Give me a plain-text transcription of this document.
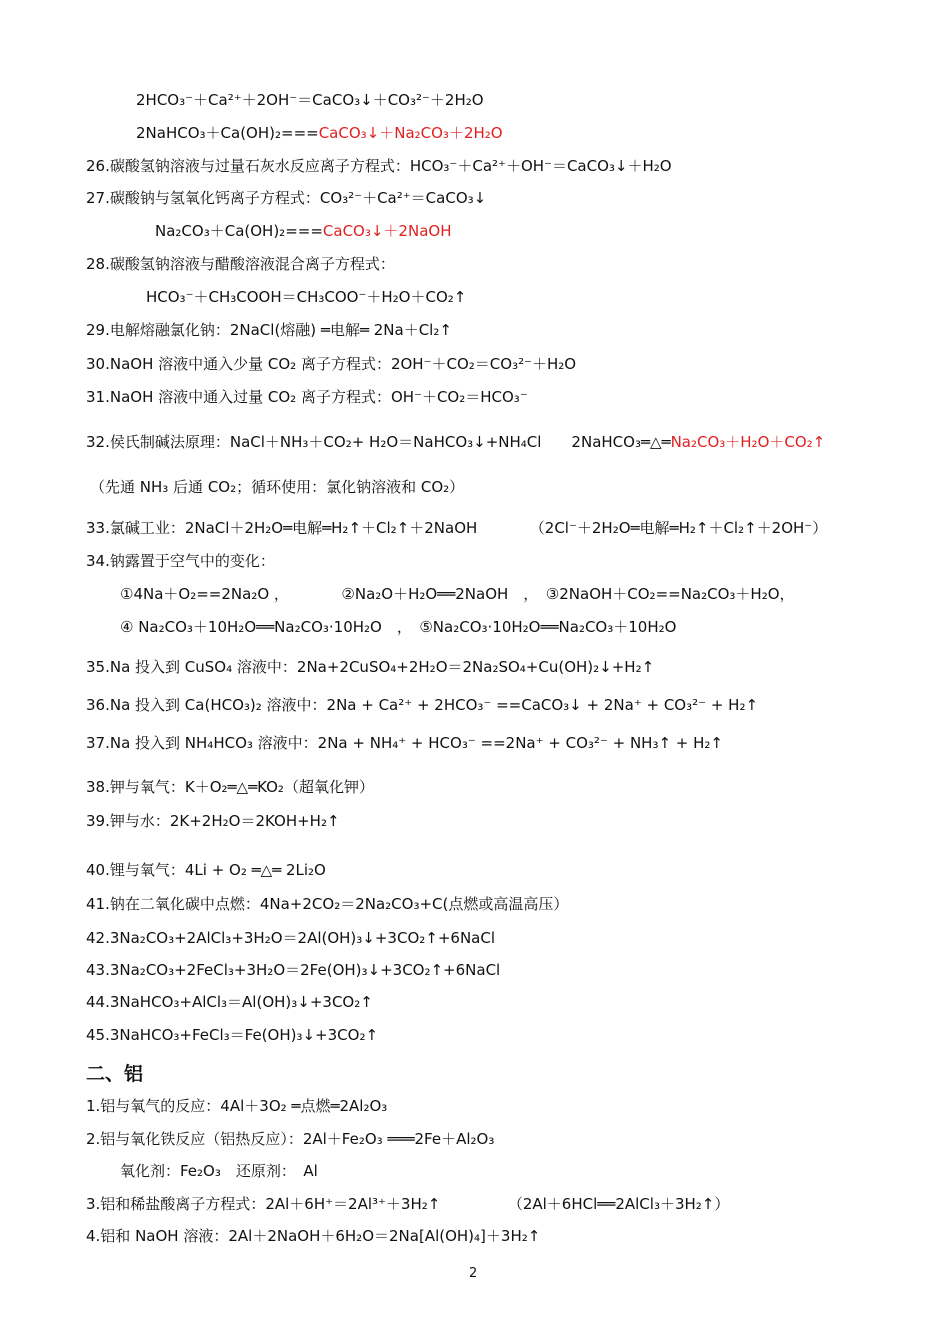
2HCO₃⁻＋Ca²⁺＋2OH⁻＝CaCO₃↓＋CO₃²⁻＋2H₂O
2NaHCO₃＋Ca(OH)₂===CaCO₃↓＋Na₂CO₃＋2H₂O
26.碳酸氢钠溶液与过量石灰水反应离子方程式：HCO₃⁻＋Ca²⁺＋OH⁻＝CaCO₃↓＋H₂O
27.碳酸钠与氢氧化钙离子方程式：CO₃²⁻＋Ca²⁺＝CaCO₃↓
Na₂CO₃＋Ca(OH)₂===CaCO₃↓＋2NaOH
28.碳酸氢钠溶液与醋酸溶液混合离子方程式：
HCO₃⁻＋CH₃COOH＝CH₃COO⁻＋H₂O＋CO₂↑
29.电解熔融氯化钠：2NaCl(熔融) ═电解═ 2Na＋Cl₂↑
30.NaOH 溶液中通入少量 CO₂ 离子方程式：2OH⁻＋CO₂＝CO₃²⁻＋H₂O
31.NaOH 溶液中通入过量 CO₂ 离子方程式：OH⁻＋CO₂＝HCO₃⁻
32.侯氏制碱法原理：NaCl＋NH₃＋CO₂+ H₂O＝NaHCO₃↓+NH₄Cl　　2NaHCO₃═△═Na₂CO₃＋H₂O＋CO₂↑
（先通 NH₃ 后通 CO₂；循环使用：氯化钠溶液和 CO₂）
33.氯碱工业：2NaCl＋2H₂O═电解═H₂↑＋Cl₂↑＋2NaOH　　　　（2Cl⁻＋2H₂O═电解═H₂↑＋Cl₂↑＋2OH⁻）
34.钠露置于空气中的变化：
①4Na＋O₂==2Na₂O ，　　　　②Na₂O＋H₂O══2NaOH　，　③2NaOH＋CO₂==Na₂CO₃＋H₂O，
④ Na₂CO₃＋10H₂O══Na₂CO₃·10H₂O　，　⑤Na₂CO₃·10H₂O══Na₂CO₃＋10H₂O
35.Na 投入到 CuSO₄ 溶液中：2Na+2CuSO₄+2H₂O＝2Na₂SO₄+Cu(OH)₂↓+H₂↑
36.Na 投入到 Ca(HCO₃)₂ 溶液中：2Na + Ca²⁺ + 2HCO₃⁻ ==CaCO₃↓ + 2Na⁺ + CO₃²⁻ + H₂↑
37.Na 投入到 NH₄HCO₃ 溶液中：2Na + NH₄⁺ + HCO₃⁻ ==2Na⁺ + CO₃²⁻ + NH₃↑ + H₂↑
38.钾与氧气：K＋O₂═△═KO₂（超氧化钾）
39.钾与水：2K+2H₂O＝2KOH+H₂↑
40.锂与氧气：4Li + O₂ ═△═ 2Li₂O
41.钠在二氧化碳中点燃：4Na+2CO₂＝2Na₂CO₃+C(点燃或高温高压）
42.3Na₂CO₃+2AlCl₃+3H₂O＝2Al(OH)₃↓+3CO₂↑+6NaCl
43.3Na₂CO₃+2FeCl₃+3H₂O＝2Fe(OH)₃↓+3CO₂↑+6NaCl
44.3NaHCO₃+AlCl₃＝Al(OH)₃↓+3CO₂↑
45.3NaHCO₃+FeCl₃＝Fe(OH)₃↓+3CO₂↑
二、铝
1.铝与氧气的反应：4Al＋3O₂ ═点燃═2Al₂O₃
2.铝与氧化铁反应（铝热反应）：2Al＋Fe₂O₃ ═══2Fe＋Al₂O₃
氧化剂：Fe₂O₃　还原剂：　Al
3.铝和稀盐酸离子方程式：2Al＋6H⁺＝2Al³⁺＋3H₂↑　　　　　（2Al＋6HCl══2AlCl₃＋3H₂↑）
4.铝和 NaOH 溶液：2Al＋2NaOH＋6H₂O＝2Na[Al(OH)₄]＋3H₂↑
2
